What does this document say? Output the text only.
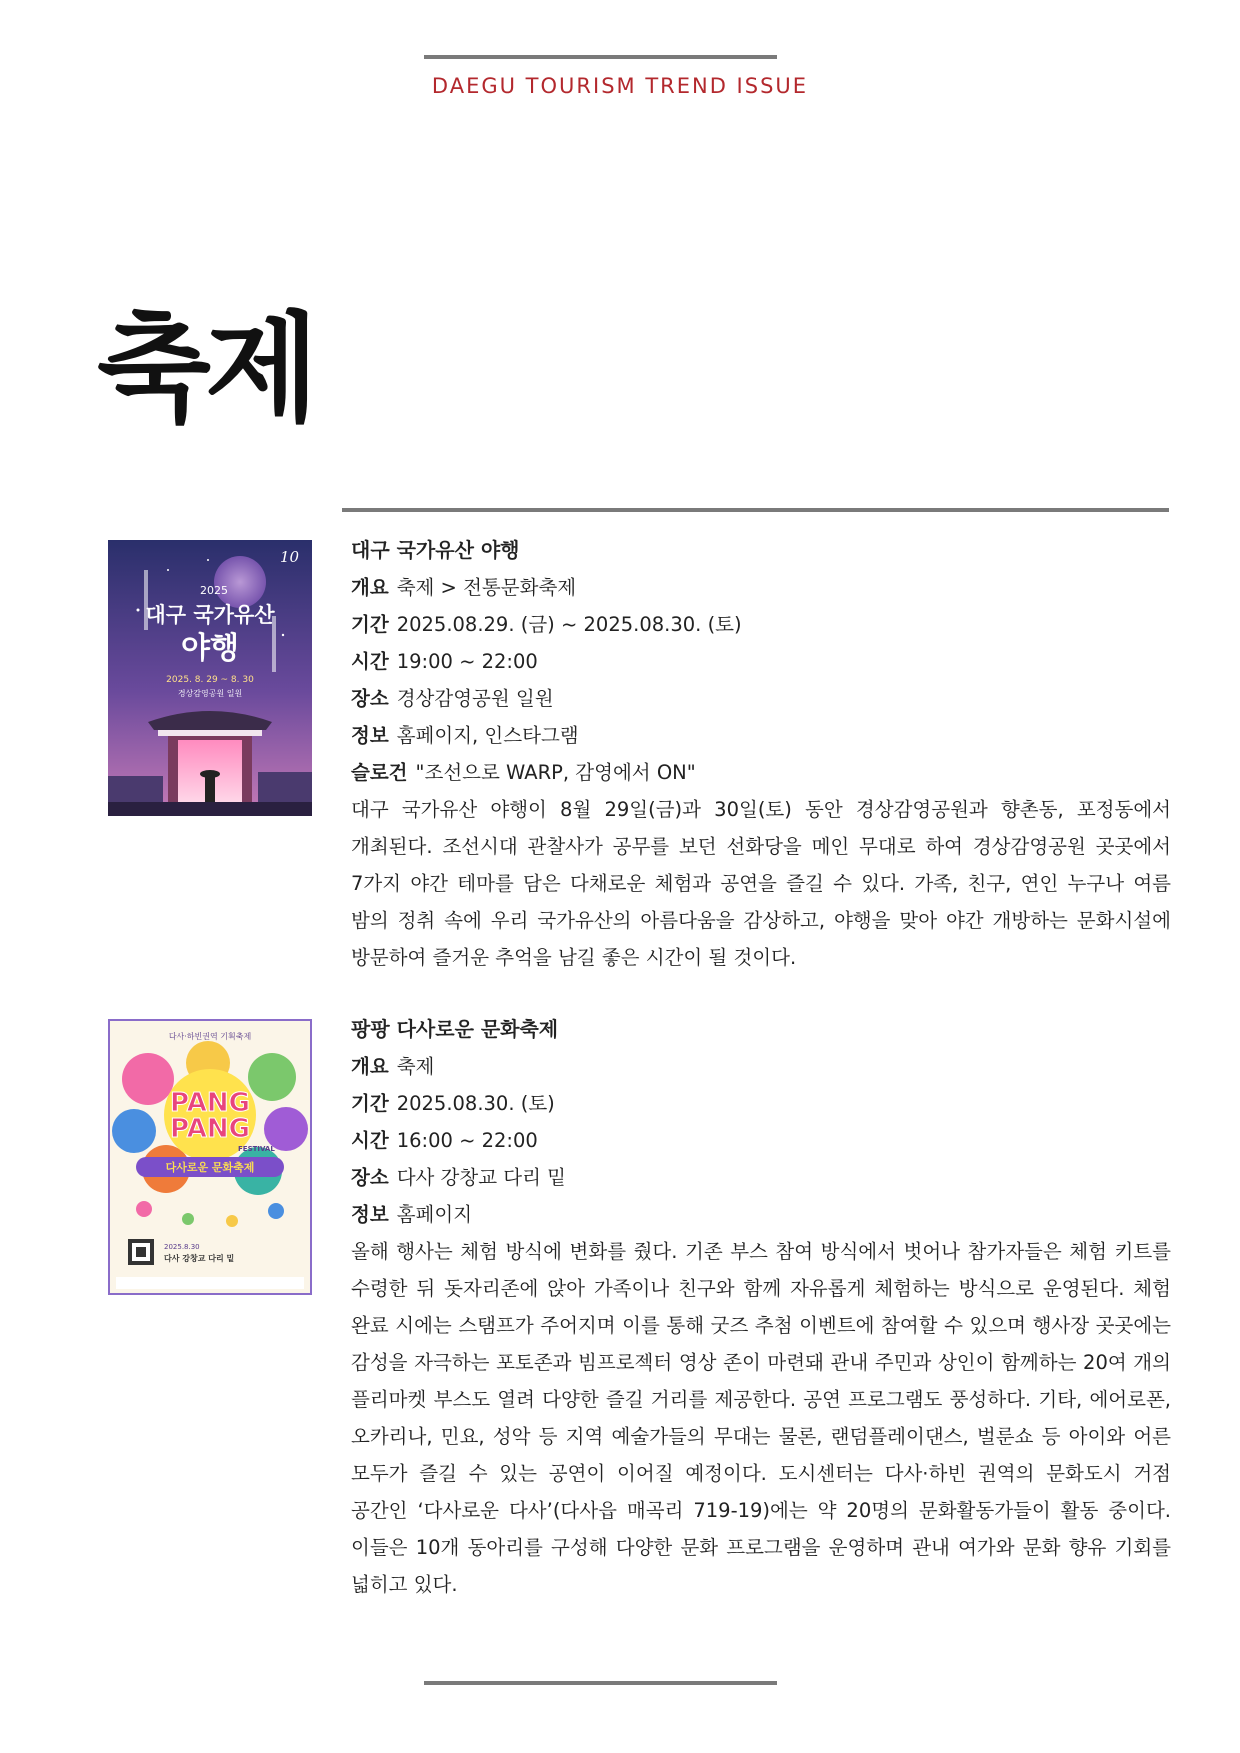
DAEGU TOURISM TREND ISSUE
축제
10
2025
대구 국가유산
야행
2025. 8. 29 ~ 8. 30
경상감영공원 일원

대구 국가유산 야행

개요 축제 > 전통문화축제

기간 2025.08.29. (금) ~ 2025.08.30. (토)

시간 19:00 ~ 22:00

장소 경상감영공원 일원

정보 홈페이지, 인스타그램

슬로건 "조선으로 WARP, 감영에서 ON"

대구 국가유산 야행이 8월 29일(금)과 30일(토) 동안 경상감영공원과 향촌동, 포정동에서 개최된다. 조선시대 관찰사가 공무를 보던 선화당을 메인 무대로 하여 경상감영공원 곳곳에서 7가지 야간 테마를 담은 다채로운 체험과 공연을 즐길 수 있다. 가족, 친구, 연인 누구나 여름 밤의 정취 속에 우리 국가유산의 아름다움을 감상하고, 야행을 맞아 야간 개방하는 문화시설에 방문하여 즐거운 추억을 남길 좋은 시간이 될 것이다.

다사·하빈권역 기획축제
PANG
PANG
FESTIVAL
다사로운 문화축제
2025.8.30
다사 강창교 다리 밑

팡팡 다사로운 문화축제

개요 축제

기간 2025.08.30. (토)

시간 16:00 ~ 22:00

장소 다사 강창교 다리 밑

정보 홈페이지

올해 행사는 체험 방식에 변화를 줬다. 기존 부스 참여 방식에서 벗어나 참가자들은 체험 키트를 수령한 뒤 돗자리존에 앉아 가족이나 친구와 함께 자유롭게 체험하는 방식으로 운영된다. 체험 완료 시에는 스탬프가 주어지며 이를 통해 굿즈 추첨 이벤트에 참여할 수 있으며 행사장 곳곳에는 감성을 자극하는 포토존과 빔프로젝터 영상 존이 마련돼 관내 주민과 상인이 함께하는 20여 개의 플리마켓 부스도 열려 다양한 즐길 거리를 제공한다. 공연 프로그램도 풍성하다. 기타, 에어로폰, 오카리나, 민요, 성악 등 지역 예술가들의 무대는 물론, 랜덤플레이댄스, 벌룬쇼 등 아이와 어른 모두가 즐길 수 있는 공연이 이어질 예정이다. 도시센터는 다사·하빈 권역의 문화도시 거점 공간인 ‘다사로운 다사’(다사읍 매곡리 719-19)에는 약 20명의 문화활동가들이 활동 중이다. 이들은 10개 동아리를 구성해 다양한 문화 프로그램을 운영하며 관내 여가와 문화 향유 기회를 넓히고 있다.
